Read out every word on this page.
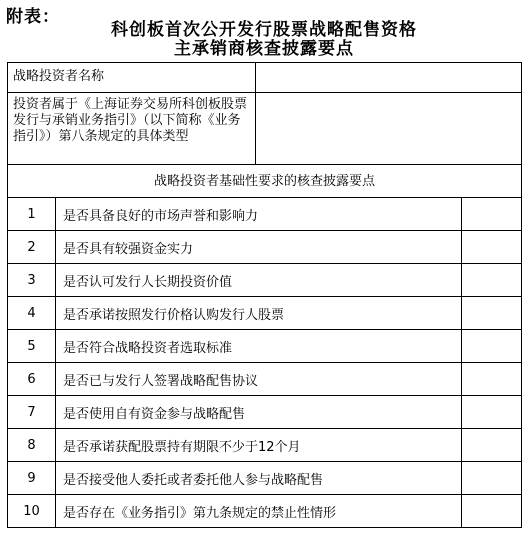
附表：
科创板首次公开发行股票战略配售资格
主承销商核查披露要点
战略投资者名称
投资者属于《上海证券交易所科创板股票发行与承销业务指引》（以下简称《业务指引》）第八条规定的具体类型
战略投资者基础性要求的核查披露要点
1	是否具备良好的市场声誉和影响力
2	是否具有较强资金实力
3	是否认可发行人长期投资价值
4	是否承诺按照发行价格认购发行人股票
5	是否符合战略投资者选取标准
6	是否已与发行人签署战略配售协议
7	是否使用自有资金参与战略配售
8	是否承诺获配股票持有期限不少于12个月
9	是否接受他人委托或者委托他人参与战略配售
10	是否存在《业务指引》第九条规定的禁止性情形
